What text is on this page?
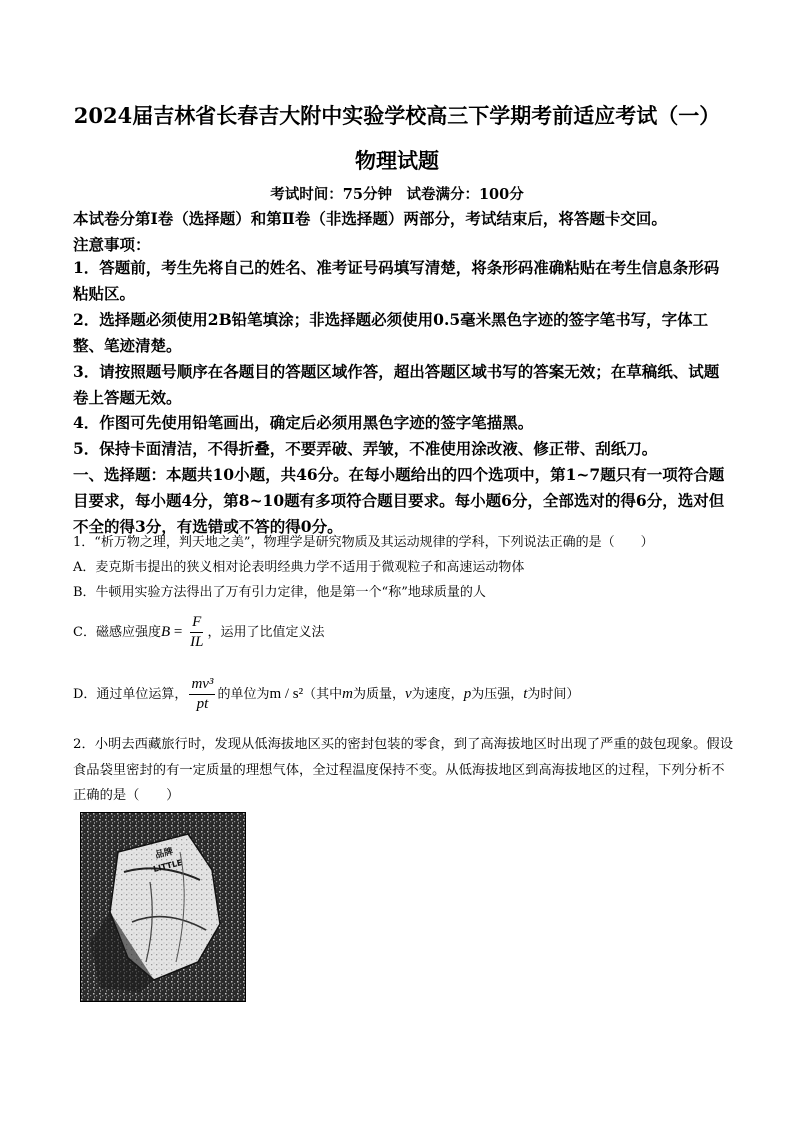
2024届吉林省长春吉大附中实验学校高三下学期考前适应考试（一）
物理试题
考试时间：75分钟　试卷满分：100分
本试卷分第Ⅰ卷（选择题）和第Ⅱ卷（非选择题）两部分，考试结束后，将答题卡交回。
注意事项：
1．答题前，考生先将自己的姓名、准考证号码填写清楚，将条形码准确粘贴在考生信息条形码粘贴区。
2．选择题必须使用2B铅笔填涂；非选择题必须使用0.5毫米黑色字迹的签字笔书写，字体工整、笔迹清楚。
3．请按照题号顺序在各题目的答题区域作答，超出答题区域书写的答案无效；在草稿纸、试题卷上答题无效。
4．作图可先使用铅笔画出，确定后必须用黑色字迹的签字笔描黑。
5．保持卡面清洁，不得折叠，不要弄破、弄皱，不准使用涂改液、修正带、刮纸刀。
一、选择题：本题共10小题，共46分。在每小题给出的四个选项中，第1~7题只有一项符合题目要求，每小题4分，第8~10题有多项符合题目要求。每小题6分，全部选对的得6分，选对但不全的得3分，有选错或不答的得0分。
1．“析万物之理，判天地之美”，物理学是研究物质及其运动规律的学科，下列说法正确的是（　　）
A．麦克斯韦提出的狭义相对论表明经典力学不适用于微观粒子和高速运动物体
B．牛顿用实验方法得出了万有引力定律，他是第一个“称”地球质量的人
C．磁感应强度$B = \frac{F}{IL}$ ，运用了比值定义法
D．通过单位运算， $\frac{\text{mv³}}{pt}$ 的单位为m / s²（其中m为质量，v为速度，p为压强，t为时间）
2．小明去西藏旅行时，发现从低海拔地区买的密封包装的零食，到了高海拔地区时出现了严重的鼓包现象。假设食品袋里密封的有一定质量的理想气体，全过程温度保持不变。从低海拔地区到高海拔地区的过程，下列分析不正确的是（　　）
品牌
LITTLE
